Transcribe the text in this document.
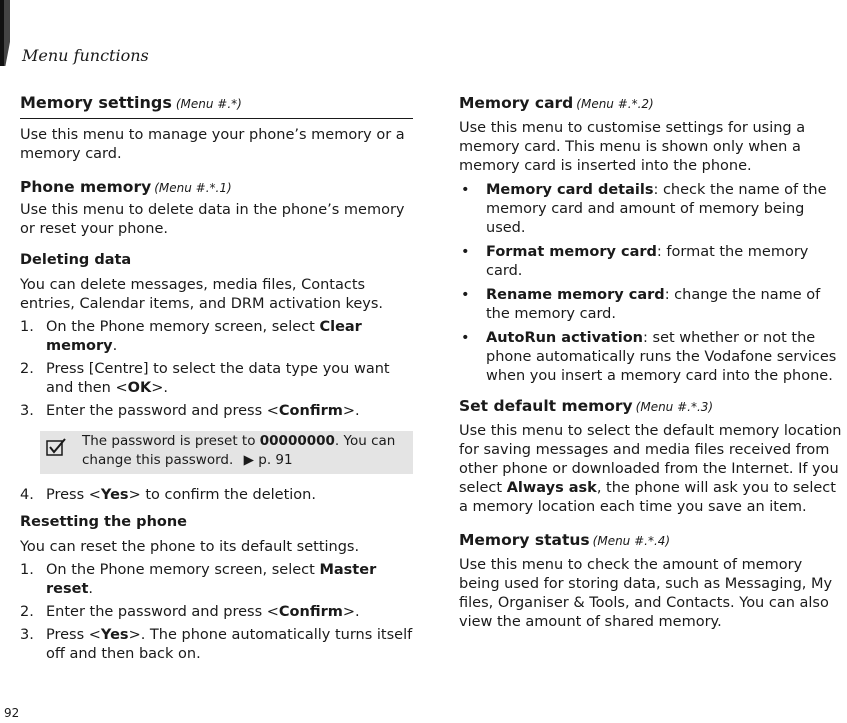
Menu functions
Memory settings (Menu #.*)

Use this menu to manage your phone’s memory or a memory card.

Phone memory (Menu #.*.1)

Use this menu to delete data in the phone’s memory or reset your phone.

Deleting data

You can delete messages, media files, Contacts entries, Calendar items, and DRM activation keys.

1. On the Phone memory screen, select Clear memory.
2. Press [Centre] to select the data type you want and then <OK>.
3. Enter the password and press <Confirm>.
The password is preset to 00000000. You can change this password. ▶ p. 91
4. Press <Yes> to confirm the deletion.
Resetting the phone

You can reset the phone to its default settings.

1. On the Phone memory screen, select Master reset.
2. Enter the password and press <Confirm>.
3. Press <Yes>. The phone automatically turns itself off and then back on.
Memory card (Menu #.*.2)

Use this menu to customise settings for using a memory card. This menu is shown only when a memory card is inserted into the phone.

• Memory card details: check the name of the memory card and amount of memory being used.
• Format memory card: format the memory card.
• Rename memory card: change the name of the memory card.
• AutoRun activation: set whether or not the phone automatically runs the Vodafone services when you insert a memory card into the phone.
Set default memory (Menu #.*.3)

Use this menu to select the default memory location for saving messages and media files received from other phone or downloaded from the Internet. If you select Always ask, the phone will ask you to select a memory location each time you save an item.

Memory status (Menu #.*.4)

Use this menu to check the amount of memory being used for storing data, such as Messaging, My files, Organiser & Tools, and Contacts. You can also view the amount of shared memory.

92
